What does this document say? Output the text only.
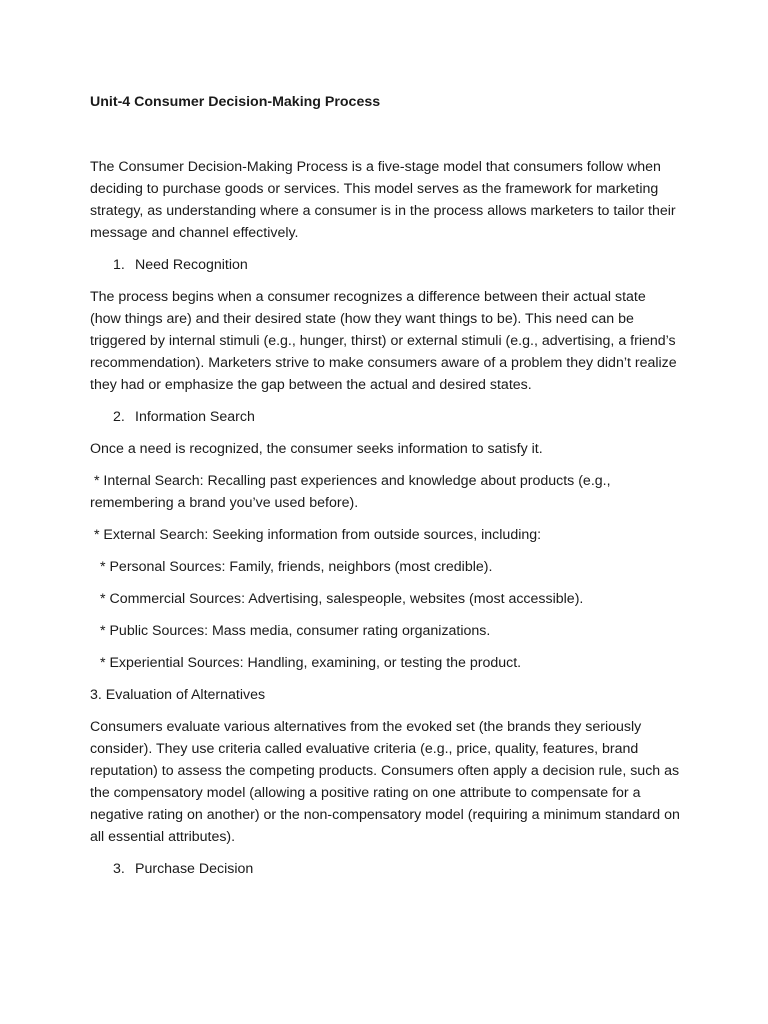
Unit-4 Consumer Decision-Making Process

The Consumer Decision-Making Process is a five-stage model that consumers follow when deciding to purchase goods or services. This model serves as the framework for marketing strategy, as understanding where a consumer is in the process allows marketers to tailor their message and channel effectively.

1. Need Recognition

The process begins when a consumer recognizes a difference between their actual state (how things are) and their desired state (how they want things to be). This need can be triggered by internal stimuli (e.g., hunger, thirst) or external stimuli (e.g., advertising, a friend’s recommendation). Marketers strive to make consumers aware of a problem they didn’t realize they had or emphasize the gap between the actual and desired states.

2. Information Search

Once a need is recognized, the consumer seeks information to satisfy it.

* Internal Search: Recalling past experiences and knowledge about products (e.g., remembering a brand you’ve used before).

* External Search: Seeking information from outside sources, including:

* Personal Sources: Family, friends, neighbors (most credible).

* Commercial Sources: Advertising, salespeople, websites (most accessible).

* Public Sources: Mass media, consumer rating organizations.

* Experiential Sources: Handling, examining, or testing the product.

3. Evaluation of Alternatives

Consumers evaluate various alternatives from the evoked set (the brands they seriously consider). They use criteria called evaluative criteria (e.g., price, quality, features, brand reputation) to assess the competing products. Consumers often apply a decision rule, such as the compensatory model (allowing a positive rating on one attribute to compensate for a negative rating on another) or the non-compensatory model (requiring a minimum standard on all essential attributes).

3. Purchase Decision
